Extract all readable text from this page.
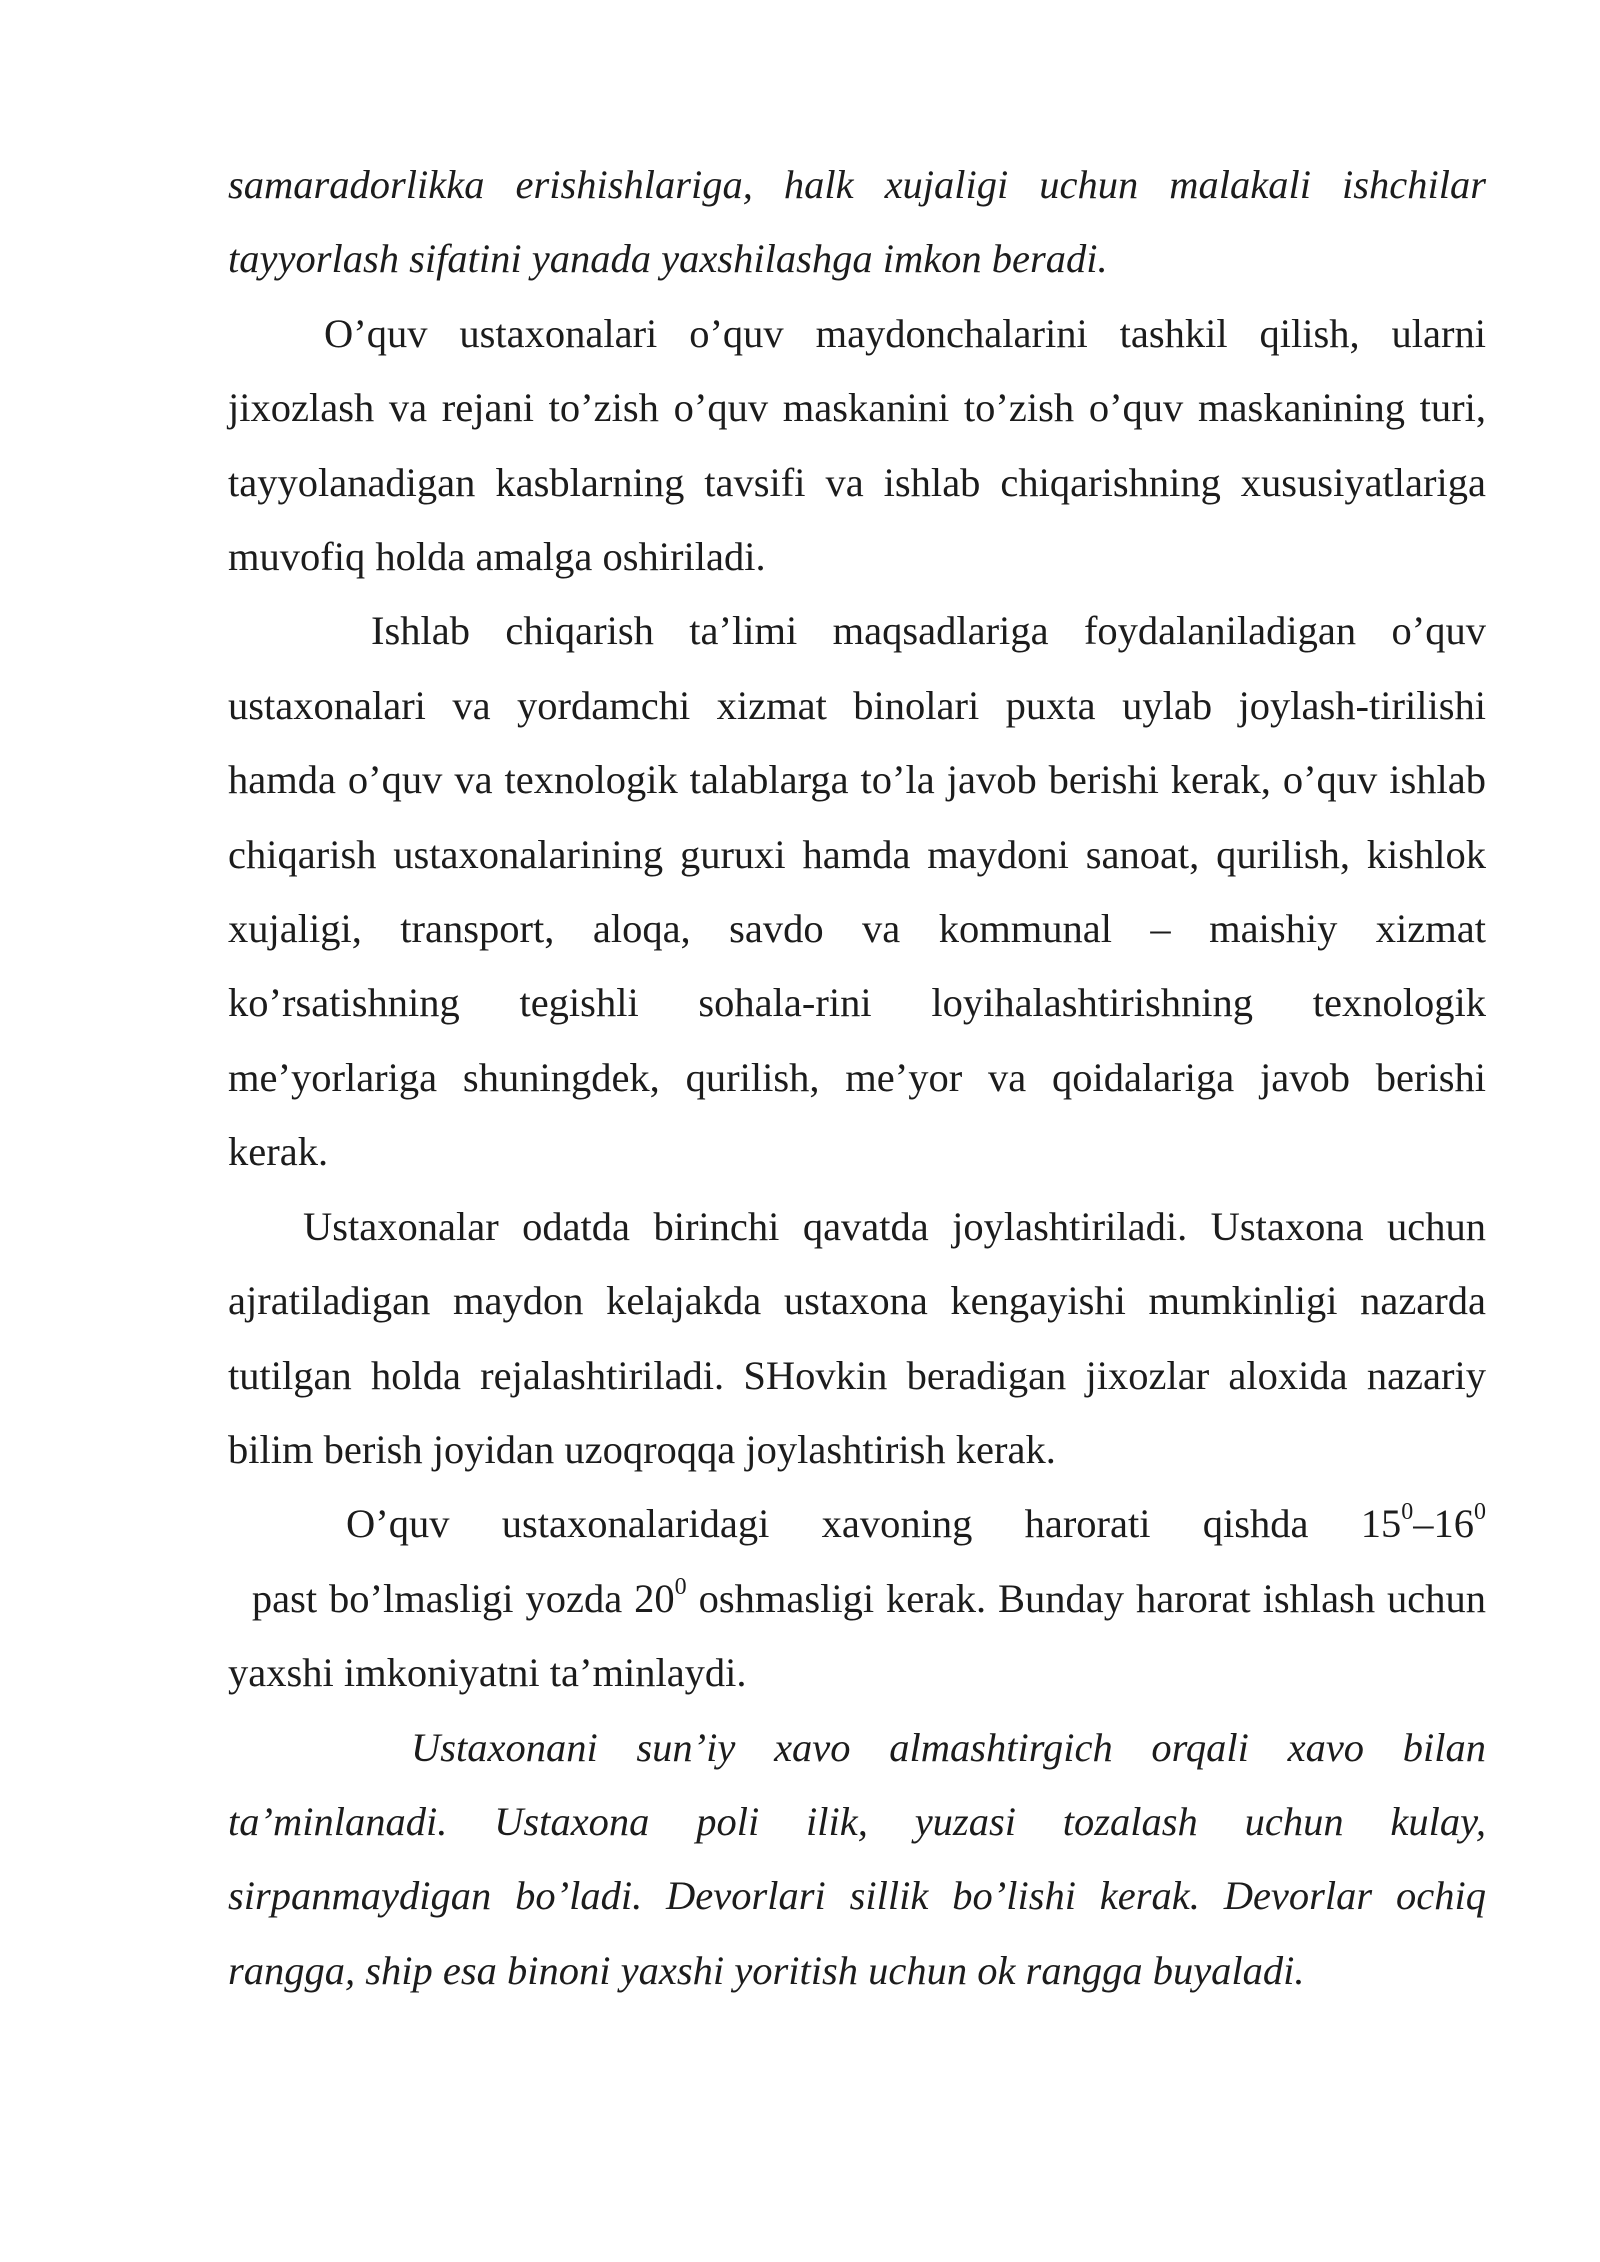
samaradorlikka erishishlariga, halk xujaligi uchun malakali ishchilar tayyorlash sifatini yanada yaxshilashga imkon beradi.

O’quv ustaxonalari o’quv maydonchalarini tashkil qilish, ularni jixozlash va rejani to’zish o’quv maskanini to’zish o’quv maskanining turi, tayyolanadigan kasblarning tavsifi va ishlab chiqarishning xususiyatlariga muvofiq holda amalga oshiriladi.

Ishlab chiqarish ta’limi maqsadlariga foydalaniladigan o’quv ustaxonalari va yordamchi xizmat binolari puxta uylab joylash-tirilishi hamda o’quv va texnologik talablarga to’la javob berishi kerak, o’quv ishlab chiqarish ustaxonalarining guruxi hamda maydoni sanoat, qurilish, kishlok xujaligi, transport, aloqa, savdo va kommunal – maishiy xizmat ko’rsatishning tegishli sohala-rini loyihalashtirishning texnologik me’yorlariga shuningdek, qurilish, me’yor va qoidalariga javob berishi kerak.

Ustaxonalar odatda birinchi qavatda joylashtiriladi. Ustaxona uchun ajratiladigan maydon kelajakda ustaxona kengayishi mumkinligi nazarda tutilgan holda rejalashtiriladi. SHovkin beradigan jixozlar aloxida nazariy bilim berish joyidan uzoqroqqa joylashtirish kerak.

O’quv ustaxonalaridagi xavoning harorati qishda $15^0-16^0$  past bo’lmasligi yozda $20^0$ oshmasligi kerak. Bunday harorat ishlash uchun yaxshi imkoniyatni ta’minlaydi.

Ustaxonani sun’iy xavo almashtirgich orqali xavo bilan ta’minlanadi. Ustaxona poli ilik, yuzasi tozalash uchun kulay, sirpanmaydigan bo’ladi. Devorlari sillik bo’lishi kerak. Devorlar ochiq rangga, ship esa binoni yaxshi yoritish uchun ok rangga buyaladi.
